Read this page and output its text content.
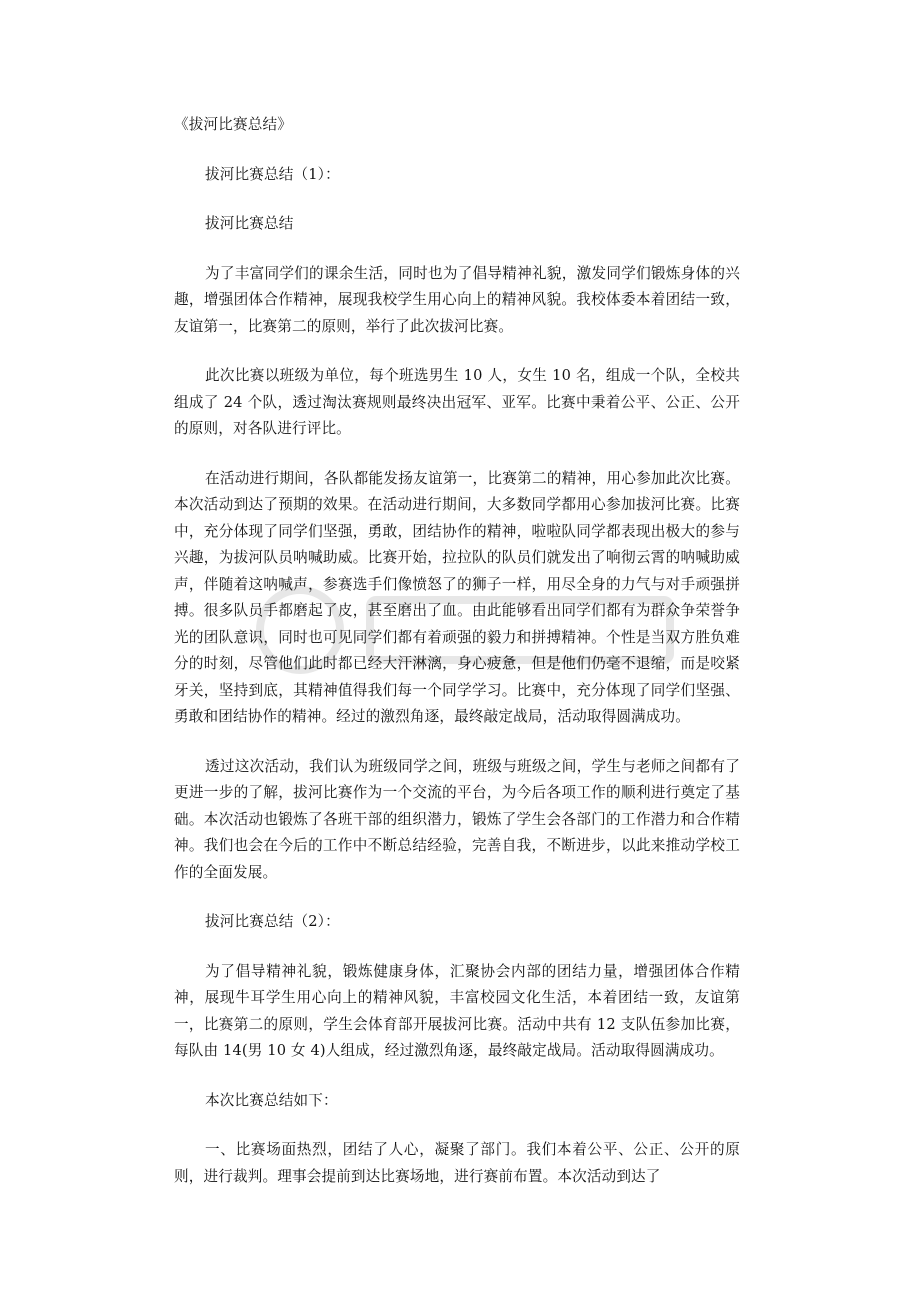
《拔河比赛总结》

拔河比赛总结（1）：

拔河比赛总结

为了丰富同学们的课余生活，同时也为了倡导精神礼貌，激发同学们锻炼身体的兴趣，增强团体合作精神，展现我校学生用心向上的精神风貌。我校体委本着团结一致，友谊第一，比赛第二的原则，举行了此次拔河比赛。

此次比赛以班级为单位，每个班选男生 10 人，女生 10 名，组成一个队，全校共组成了 24 个队，透过淘汰赛规则最终决出冠军、亚军。比赛中秉着公平、公正、公开的原则，对各队进行评比。

在活动进行期间，各队都能发扬友谊第一，比赛第二的精神，用心参加此次比赛。本次活动到达了预期的效果。在活动进行期间，大多数同学都用心参加拔河比赛。比赛中，充分体现了同学们坚强，勇敢，团结协作的精神，啦啦队同学都表现出极大的参与兴趣，为拔河队员呐喊助威。比赛开始，拉拉队的队员们就发出了响彻云霄的呐喊助威声，伴随着这呐喊声，参赛选手们像愤怒了的狮子一样，用尽全身的力气与对手顽强拼搏。很多队员手都磨起了皮，甚至磨出了血。由此能够看出同学们都有为群众争荣誉争光的团队意识，同时也可见同学们都有着顽强的毅力和拼搏精神。个性是当双方胜负难分的时刻，尽管他们此时都已经大汗淋漓，身心疲惫，但是他们仍毫不退缩，而是咬紧牙关，坚持到底，其精神值得我们每一个同学学习。比赛中，充分体现了同学们坚强、勇敢和团结协作的精神。经过的激烈角逐，最终敲定战局，活动取得圆满成功。

透过这次活动，我们认为班级同学之间，班级与班级之间，学生与老师之间都有了更进一步的了解，拔河比赛作为一个交流的平台，为今后各项工作的顺利进行奠定了基础。本次活动也锻炼了各班干部的组织潜力，锻炼了学生会各部门的工作潜力和合作精神。我们也会在今后的工作中不断总结经验，完善自我，不断进步，以此来推动学校工作的全面发展。

拔河比赛总结（2）：

为了倡导精神礼貌，锻炼健康身体，汇聚协会内部的团结力量，增强团体合作精神，展现牛耳学生用心向上的精神风貌，丰富校园文化生活，本着团结一致，友谊第一，比赛第二的原则，学生会体育部开展拔河比赛。活动中共有 12 支队伍参加比赛，每队由 14(男 10 女 4)人组成，经过激烈角逐，最终敲定战局。活动取得圆满成功。

本次比赛总结如下：

一、比赛场面热烈，团结了人心，凝聚了部门。我们本着公平、公正、公开的原则，进行裁判。理事会提前到达比赛场地，进行赛前布置。本次活动到达了
